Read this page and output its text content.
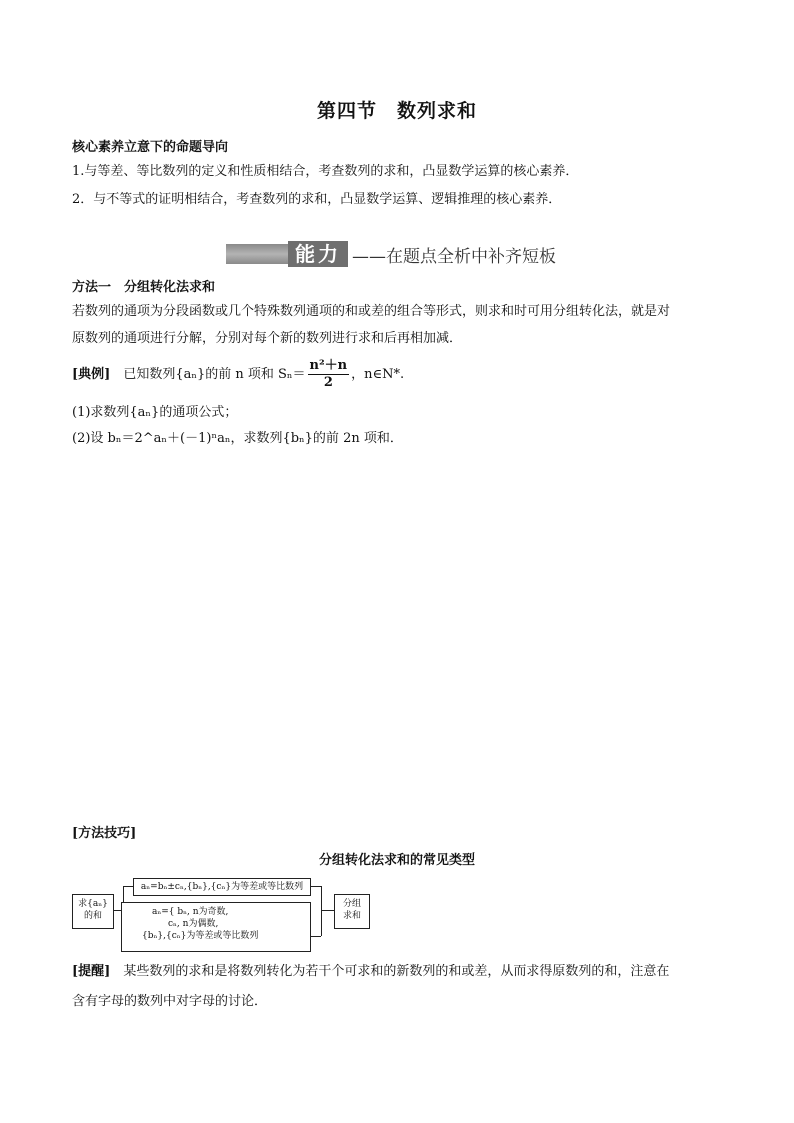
第四节　数列求和
核心素养立意下的命题导向
1.与等差、等比数列的定义和性质相结合，考查数列的求和，凸显数学运算的核心素养．
2．与不等式的证明相结合，考查数列的求和，凸显数学运算、逻辑推理的核心素养．
能力 ——在题点全析中补齐短板
方法一　分组转化法求和
若数列的通项为分段函数或几个特殊数列通项的和或差的组合等形式，则求和时可用分组转化法，就是对
原数列的通项进行分解，分别对每个新的数列进行求和后再相加减．
[典例] 　已知数列{aₙ}的前 n 项和 $S_n= \frac{\text{n²＋n}}{2}$ ，n∈N*.
(1)求数列{aₙ}的通项公式；
(2)设 bₙ＝2^aₙ＋(－1)ⁿaₙ，求数列{bₙ}的前 2n 项和．
[方法技巧]
分组转化法求和的常见类型
求{aₙ}
的和
aₙ=bₙ±cₙ,{bₙ},{cₙ}为等差或等比数列
aₙ={ bₙ, n为奇数,
cₙ, n为偶数,
{bₙ},{cₙ}为等差或等比数列
分组
求和
[提醒]　某些数列的求和是将数列转化为若干个可求和的新数列的和或差，从而求得原数列的和，注意在
含有字母的数列中对字母的讨论．
